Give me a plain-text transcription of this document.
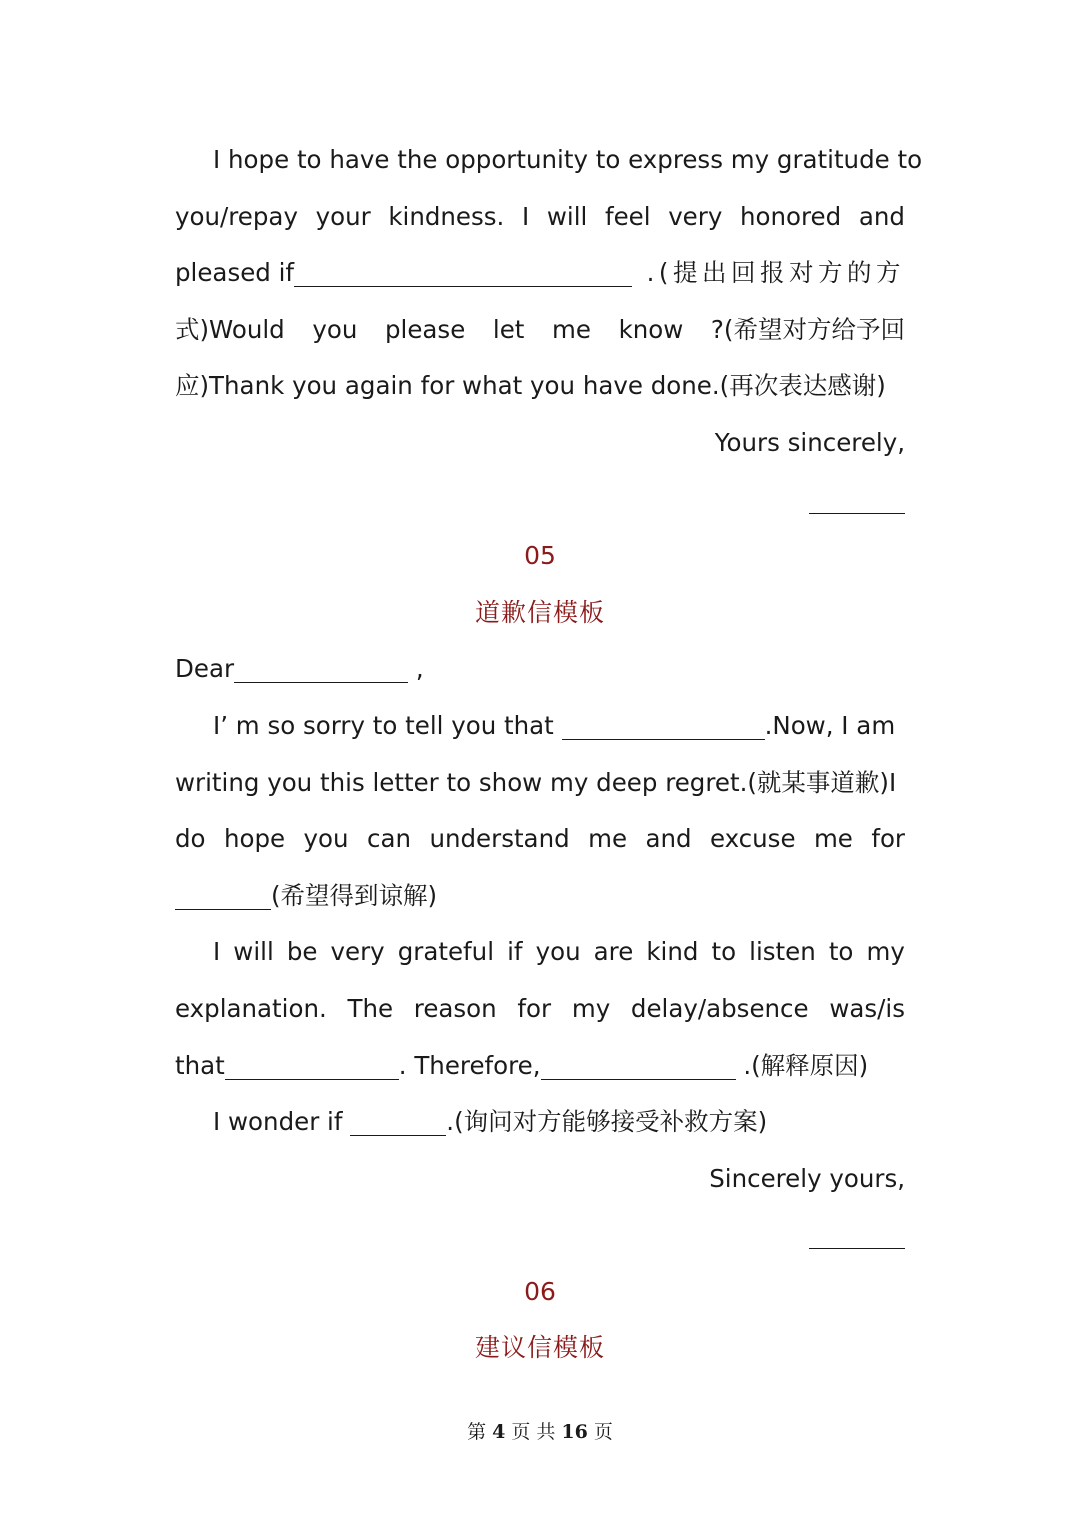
I hope to have the opportunity to express my gratitude to
you/repay your kindness. I will feel very honored and
pleased if	.(提出回报对方的方
式)Would you please let me know ?(希望对方给予回
应)Thank you again for what you have done.(再次表达感谢)
Yours sincerely,
05
道歉信模板
Dear	,
I’ m so sorry to tell you that	.Now, I am
writing you this letter to show my deep regret.(就某事道歉)I
do hope you can understand me and excuse me for
(希望得到谅解)
I will be very grateful if you are kind to listen to my
explanation. The reason for my delay/absence was/is
that	. Therefore,	.(解释原因)
I wonder if	.(询问对方能够接受补救方案)
Sincerely yours,
06
建议信模板
第 4 页 共 16 页
